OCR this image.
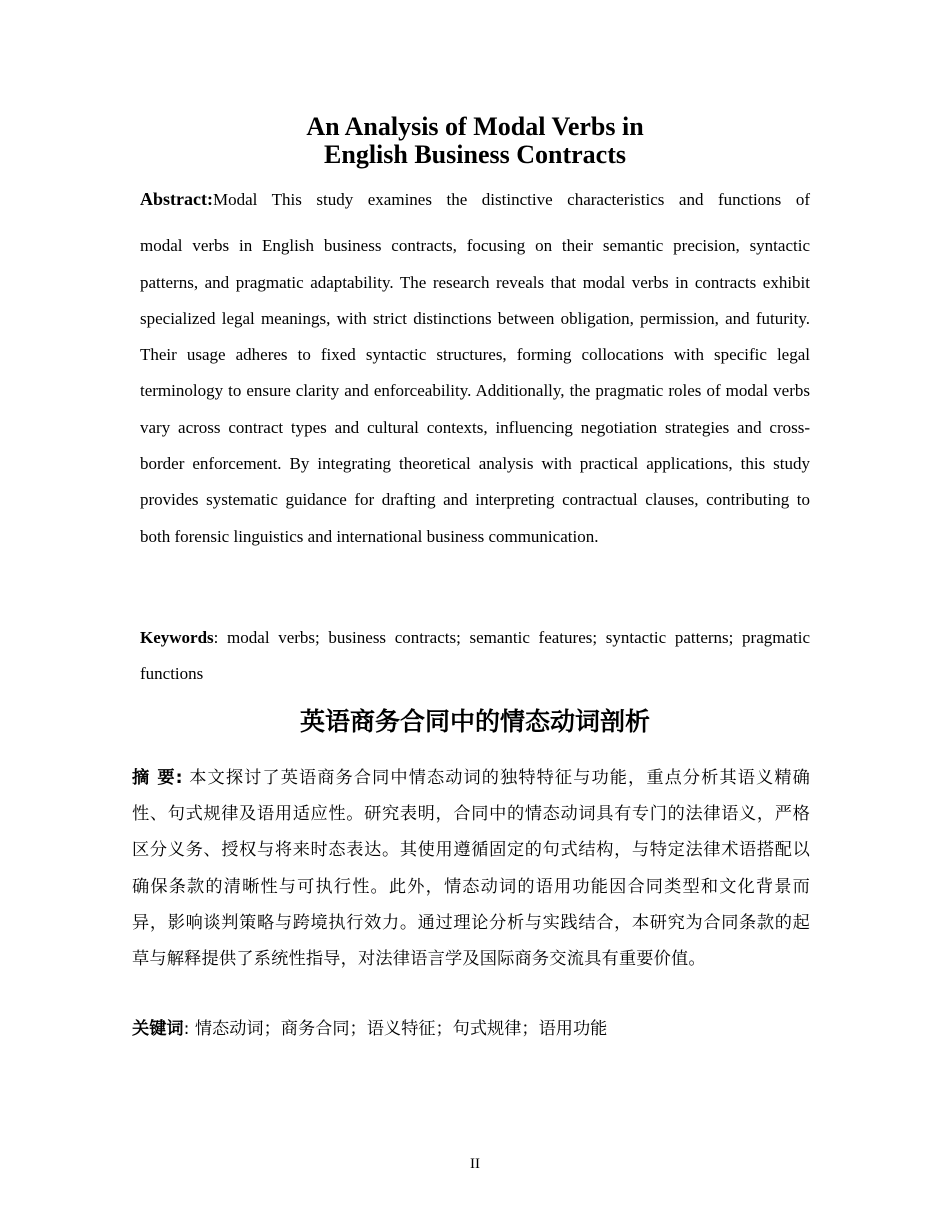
An Analysis of Modal Verbs in
English Business Contracts
Abstract:Modal This study examines the distinctive characteristics and functions of
modal verbs in English business contracts, focusing on their semantic precision, syntactic patterns, and pragmatic adaptability. The research reveals that modal verbs in contracts exhibit specialized legal meanings, with strict distinctions between obligation, permission, and futurity. Their usage adheres to fixed syntactic structures, forming collocations with specific legal terminology to ensure clarity and enforceability. Additionally, the pragmatic roles of modal verbs vary across contract types and cultural contexts, influencing negotiation strategies and cross-border enforcement. By integrating theoretical analysis with practical applications, this study provides systematic guidance for drafting and interpreting contractual clauses, contributing to both forensic linguistics and international business communication.
Keywords: modal verbs; business contracts; semantic features; syntactic patterns; pragmatic functions
英语商务合同中的情态动词剖析
摘 要: 本文探讨了英语商务合同中情态动词的独特特征与功能，重点分析其语义精确性、句式规律及语用适应性。研究表明，合同中的情态动词具有专门的法律语义，严格区分义务、授权与将来时态表达。其使用遵循固定的句式结构，与特定法律术语搭配以确保条款的清晰性与可执行性。此外，情态动词的语用功能因合同类型和文化背景而异，影响谈判策略与跨境执行效力。通过理论分析与实践结合，本研究为合同条款的起草与解释提供了系统性指导，对法律语言学及国际商务交流具有重要价值。
关键词: 情态动词；商务合同；语义特征；句式规律；语用功能
II
